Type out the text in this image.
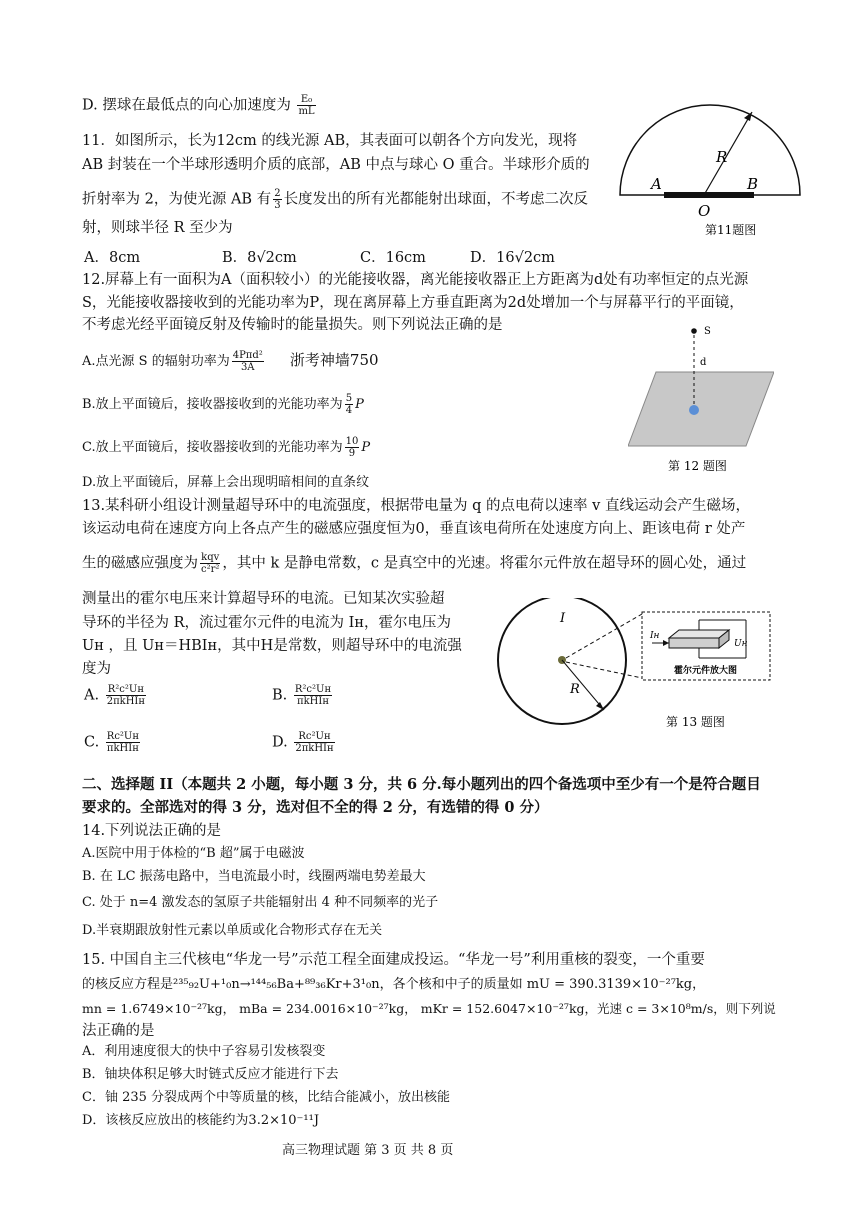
D. 摆球在最低点的向心加速度为 $\frac{\text{E₀}}{mL}$
11．如图所示，长为12cm 的线光源 AB，其表面可以朝各个方向发光，现将
AB 封装在一个半球形透明介质的底部，AB 中点与球心 O 重合。半球形介质的
折射率为 2，为使光源 AB 有 $\frac{2}{3}$ 长度发出的所有光都能射出球面，不考虑二次反
射，则球半径 R 至少为
A．8cm	B．8√2cm	C．16cm	D．16√2cm
R
A	B
O
第11题图
12.屏幕上有一面积为A（面积较小）的光能接收器，离光能接收器正上方距离为d处有功率恒定的点光源
S，光能接收器接收到的光能功率为P，现在离屏幕上方垂直距离为2d处增加一个与屏幕平行的平面镜，
不考虑光经平面镜反射及传输时的能量损失。则下列说法正确的是
A.点光源 S 的辐射功率为 $\frac{\text{4Pπd²}}{3A}$ 浙考神墙750
B.放上平面镜后，接收器接收到的光能功率为 $\frac{5}{4}$ P
C.放上平面镜后，接收器接收到的光能功率为 $\frac{10}{9}$ P
D.放上平面镜后，屏幕上会出现明暗相间的直条纹
S
d
第 12 题图
13.某科研小组设计测量超导环中的电流强度，根据带电量为 q 的点电荷以速率 v 直线运动会产生磁场，
该运动电荷在速度方向上各点产生的磁感应强度恒为0，垂直该电荷所在处速度方向上、距该电荷 r 处产
生的磁感应强度为 $\frac{\text{kqv}}{\text{c²r²}}$ ，其中 k 是静电常数，c 是真空中的光速。将霍尔元件放在超导环的圆心处，通过
测量出的霍尔电压来计算超导环的电流。已知某次实验超
导环的半径为 R，流过霍尔元件的电流为 Iн，霍尔电压为
Uн ，且 Uн＝HBIн，其中H是常数，则超导环中的电流强
度为
A. $\frac{\text{R²c²Uн}}{\text{2πkHIн}}$	B. $\frac{\text{R²c²Uн}}{\text{πkHIн}}$
C. $\frac{\text{Rc²Uн}}{\text{πkHIн}}$	D. $\frac{\text{Rc²Uн}}{\text{2πkHIн}}$
I
R
Iн
Uн
霍尔元件放大图
第 13 题图
二、选择题 II（本题共 2 小题，每小题 3 分，共 6 分.每小题列出的四个备选项中至少有一个是符合题目
要求的。全部选对的得 3 分，选对但不全的得 2 分，有选错的得 0 分）
14.下列说法正确的是
A.医院中用于体检的“B 超”属于电磁波
B. 在 LC 振荡电路中，当电流最小时，线圈两端电势差最大
C. 处于 n=4 激发态的氢原子共能辐射出 4 种不同频率的光子
D.半衰期跟放射性元素以单质或化合物形式存在无关
15. 中国自主三代核电“华龙一号”示范工程全面建成投运。“华龙一号”利用重核的裂变，一个重要
的核反应方程是²³⁵₉₂U+¹₀n→¹⁴⁴₅₆Ba+⁸⁹₃₆Kr+3¹₀n，各个核和中子的质量如 mU = 390.3139×10⁻²⁷kg，
mn = 1.6749×10⁻²⁷kg， mBa = 234.0016×10⁻²⁷kg， mKr = 152.6047×10⁻²⁷kg，光速 c = 3×10⁸m/s，则下列说
法正确的是
A．利用速度很大的快中子容易引发核裂变
B．铀块体积足够大时链式反应才能进行下去
C．铀 235 分裂成两个中等质量的核，比结合能减小，放出核能
D．该核反应放出的核能约为3.2×10⁻¹¹J
高三物理试题 第 3 页 共 8 页
